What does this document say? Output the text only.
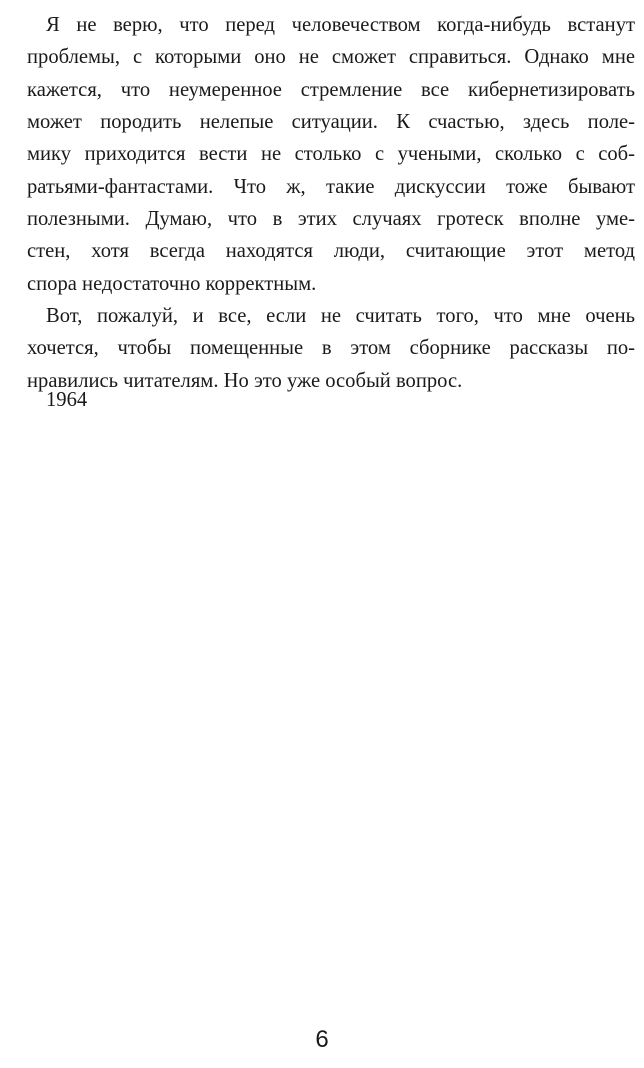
Я не верю, что перед человечеством когда-нибудь встанут
проблемы, с которыми оно не сможет справиться. Однако мне
кажется, что неумеренное стремление все кибернетизировать
может породить нелепые ситуации. К счастью, здесь поле-
мику приходится вести не столько с учеными, сколько с соб-
ратьями-фантастами. Что ж, такие дискуссии тоже бывают
полезными. Думаю, что в этих случаях гротеск вполне уме-
стен, хотя всегда находятся люди, считающие этот метод
спора недостаточно корректным.
Вот, пожалуй, и все, если не считать того, что мне очень
хочется, чтобы помещенные в этом сборнике рассказы по-
нравились читателям. Но это уже особый вопрос.
1964
6
